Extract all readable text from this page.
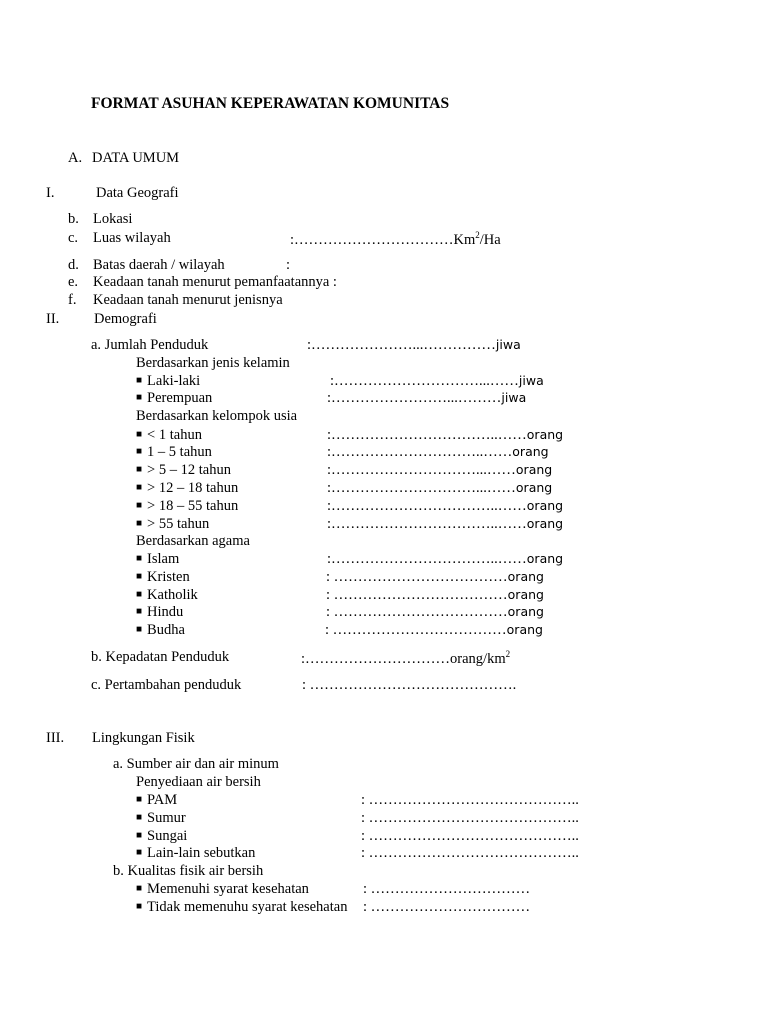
FORMAT ASUHAN KEPERAWATAN KOMUNITAS
A. DATA UMUM
I.	Data Geografi
b. Lokasi
c. Luas wilayah	:……………………………Km$^2$/Ha
d. Batas daerah / wilayah	:
e. Keadaan tanah menurut pemanfaatannya :
f. Keadaan tanah menurut jenisnya
II. Demografi
a. Jumlah Penduduk	:…………………...……………jiwa
Berdasarkan jenis kelamin
■ Laki-laki	:…………………………...……jiwa
■ Perempuan	:……………………...………jiwa
Berdasarkan kelompok usia
■ < 1 tahun	:……………………………..……orang
■ 1 – 5 tahun	:…………………………..……orang
■ > 5 – 12 tahun	:…………………………...……orang
■ > 12 – 18 tahun	:…………………………...……orang
■ > 18 – 55 tahun	:……………………………..……orang
■ > 55 tahun	:……………………………..……orang
Berdasarkan agama
■ Islam	:……………………………..……orang
■ Kristen	: ………………………………orang
■ Katholik	: ………………………………orang
■ Hindu	: ………………………………orang
■ Budha	: ………………………………orang
b. Kepadatan Penduduk	$:\dots\dots\dots\dots\dots\dots\dots\dots\dots\dots orang/km^2$
c. Pertambahan penduduk	: …………………………………….
III. Lingkungan Fisik
a. Sumber air dan air minum
Penyediaan air bersih
■ PAM	: ……………………………………..
■ Sumur	: ……………………………………..
■ Sungai	: ……………………………………..
■ Lain-lain sebutkan	: ……………………………………..
b. Kualitas fisik air bersih
■ Memenuhi syarat kesehatan	: ……………………………
■ Tidak memenuhu syarat kesehatan : ……………………………
